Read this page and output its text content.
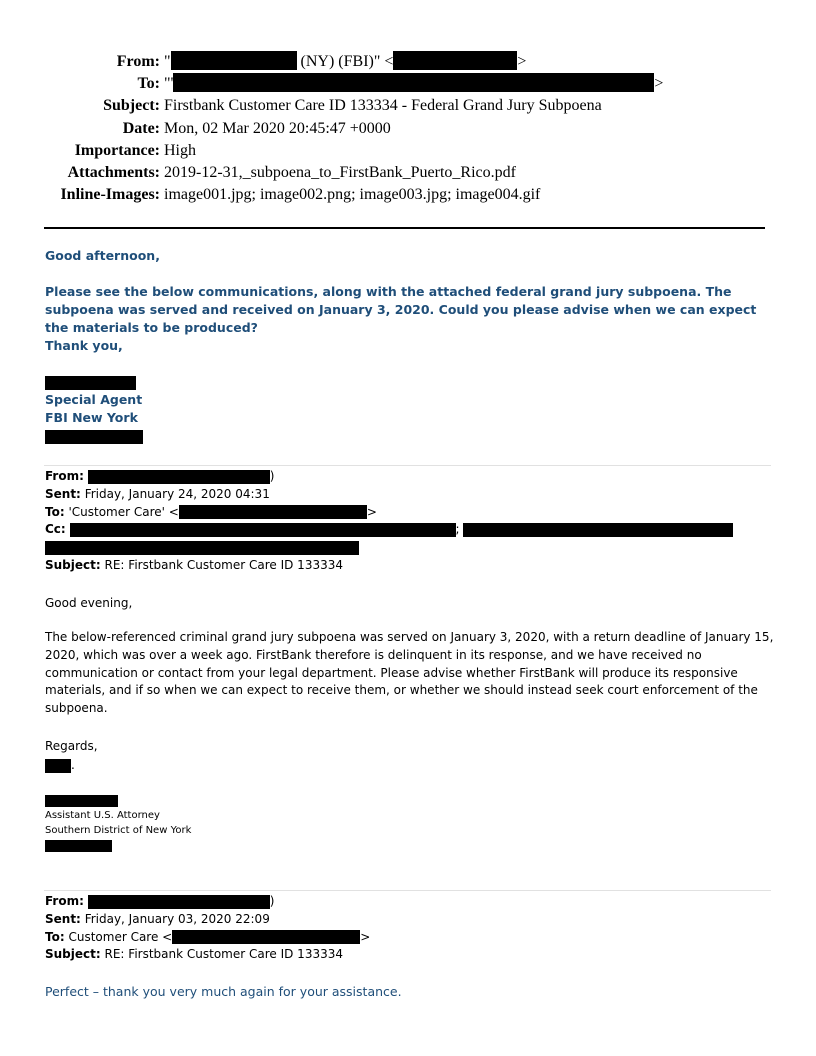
From: "	(NY) (FBI)" <	>
To: "'	>
Subject: Firstbank Customer Care ID 133334 - Federal Grand Jury Subpoena
Date: Mon, 02 Mar 2020 20:45:47 +0000
Importance: High
Attachments: 2019-12-31,_subpoena_to_FirstBank_Puerto_Rico.pdf
Inline-Images: image001.jpg; image002.png; image003.jpg; image004.gif
Good afternoon,
Please see the below communications, along with the attached federal grand jury subpoena. The subpoena was served and received on January 3, 2020. Could you please advise when we can expect the materials to be produced?
Thank you,
Special Agent
FBI New York

From:	)

Sent: Friday, January 24, 2020 04:31

To: 'Customer Care' <	>

Cc:	;

Subject: RE: Firstbank Customer Care ID 133334

Good evening,
The below-referenced criminal grand jury subpoena was served on January 3, 2020, with a return deadline of January 15, 2020, which was over a week ago. FirstBank therefore is delinquent in its response, and we have received no communication or contact from your legal department. Please advise whether FirstBank will produce its responsive materials, and if so when we can expect to receive them, or whether we should instead seek court enforcement of the subpoena.
Regards,
.
Assistant U.S. Attorney
Southern District of New York

From:	)

Sent: Friday, January 03, 2020 22:09

To: Customer Care <	>

Subject: RE: Firstbank Customer Care ID 133334

Perfect – thank you very much again for your assistance.
